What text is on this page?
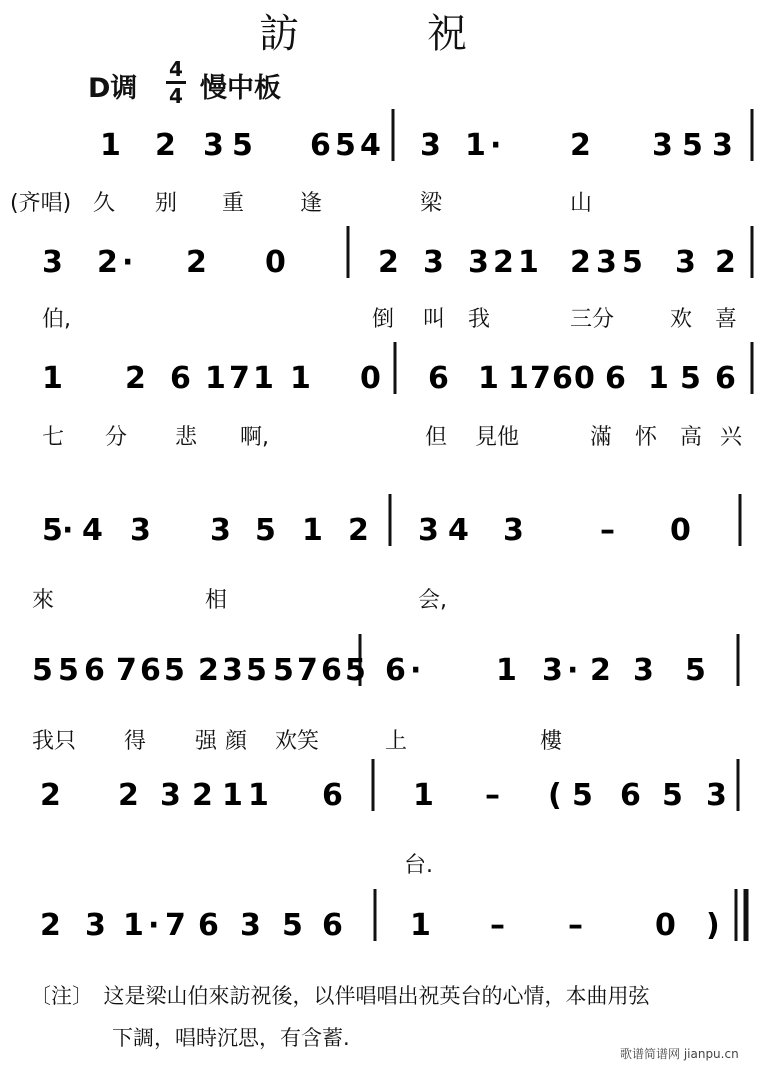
訪　祝
D调
4
4 慢中板
1 2 3 5 6 5 4 3 1 · 2 3 5 3
(齐唱) 久 别 重	逢	梁	山
3 2 · 2 0	2 3 3 2 1 2 3 5 3 2
伯,	倒 叫 我	三分	欢 喜
1 2 6 1 7 1 1 0 6 1 1 7 6 0 6 1 5 6
七 分 悲 啊,	但 見他	滿 怀 高 兴
5 · 4 3 3 5 1 2 3 4 3	– 0
來	相	会,
5 5 6 7 6 5 2 3 5 5 7 6 5 6 · 1 3 · 2 3 5
我只 得 强 顔 欢笑	上	樓
2 2 3 2 1 1 6 1 – ( 5 6 5 3
台.
2 3 1 · 7 6 3 5 6 1 – – 0 )
〔注〕　这是梁山伯來訪祝後，以伴唱唱出祝英台的心情，本曲用弦
下調，唱時沉思，有含蓄.
歌谱简谱网 jianpu.cn
